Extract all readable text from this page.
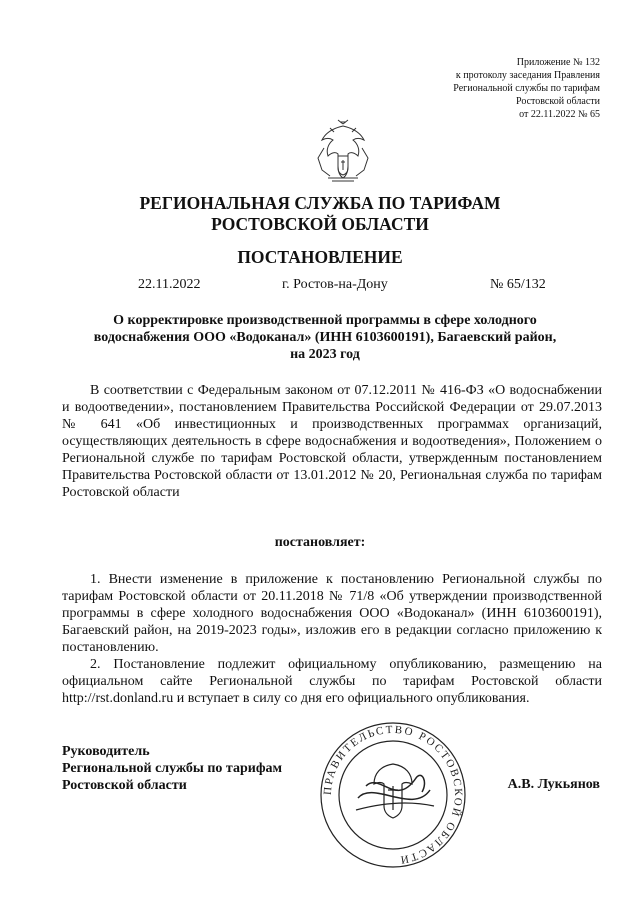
Приложение № 132
к протоколу заседания Правления
Региональной службы по тарифам
Ростовской области
от 22.11.2022 № 65
РЕГИОНАЛЬНАЯ СЛУЖБА ПО ТАРИФАМ
РОСТОВСКОЙ ОБЛАСТИ
ПОСТАНОВЛЕНИЕ
22.11.2022	г. Ростов-на-Дону	№ 65/132
О корректировке производственной программы в сфере холодного
водоснабжения ООО «Водоканал» (ИНН 6103600191), Багаевский район,
на 2023 год

В соответствии с Федеральным законом от 07.12.2011 № 416-ФЗ «О водоснабжении и водоотведении», постановлением Правительства Российской Федерации от 29.07.2013 № 641 «Об инвестиционных и производственных программах организаций, осуществляющих деятельность в сфере водоснабжения и водоотведения», Положением о Региональной службе по тарифам Ростовской области, утвержденным постановлением Правительства Ростовской области от 13.01.2012 № 20, Региональная служба по тарифам Ростовской области

постановляет:

1. Внести изменение в приложение к постановлению Региональной службы по тарифам Ростовской области от 20.11.2018 № 71/8 «Об утверждении производственной программы в сфере холодного водоснабжения ООО «Водоканал» (ИНН 6103600191), Багаевский район, на 2019-2023 годы», изложив его в редакции согласно приложению к постановлению.

2. Постановление подлежит официальному опубликованию, размещению на официальном сайте Региональной службы по тарифам Ростовской области http://rst.donland.ru и вступает в силу со дня его официального опубликования.

ПРАВИТЕЛЬСТВО РОСТОВСКОЙ ОБЛАСТИ
Руководитель
Региональной службы по тарифам
Ростовской области	А.В. Лукьянов
